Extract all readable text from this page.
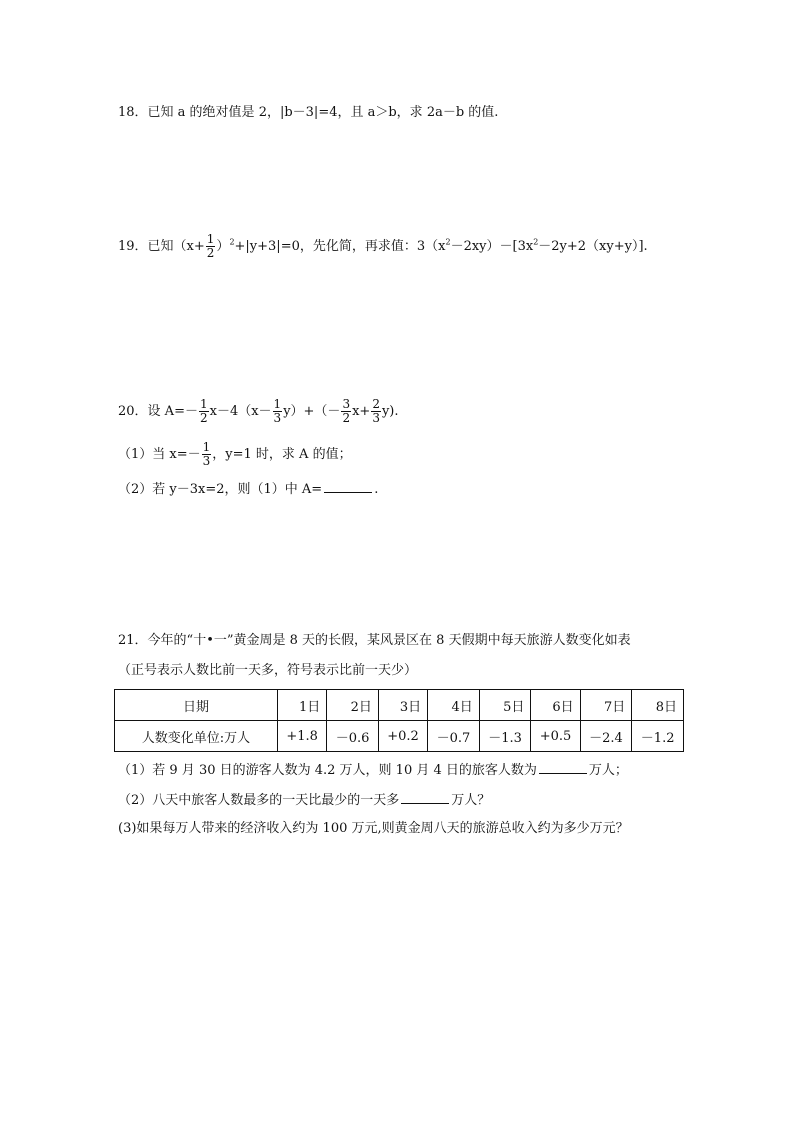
18．已知 a 的绝对值是 2，|b－3|=4，且 a＞b，求 2a－b 的值.
19．已知$(x+ \frac{1}{2} )^2+|y+3|=0$，先化简，再求值：$3(x^2-2xy)-[3x^2-2y+2(xy+y)]$.
20．设 $A=- \frac{1}{2} x-4(x- \frac{1}{3} y)+(- \frac{3}{2} x+ \frac{2}{3} y)$.
（1）当 $x=- \frac{1}{3}$ ，y=1 时，求 A 的值；
（2）若 y－3x=2，则（1）中 A=	.
21．今年的“十•一”黄金周是 8 天的长假，某风景区在 8 天假期中每天旅游人数变化如表
（正号表示人数比前一天多，符号表示比前一天少）
日期	1日	2日	3日	4日	5日	6日	7日	8日
人数变化单位:万人	+1.8	－0.6	+0.2	－0.7	－1.3	+0.5	－2.4	－1.2
（1）若 9 月 30 日的游客人数为 4.2 万人，则 10 月 4 日的旅客人数为	万人；
（2）八天中旅客人数最多的一天比最少的一天多	万人？
(3)如果每万人带来的经济收入约为 100 万元,则黄金周八天的旅游总收入约为多少万元？
